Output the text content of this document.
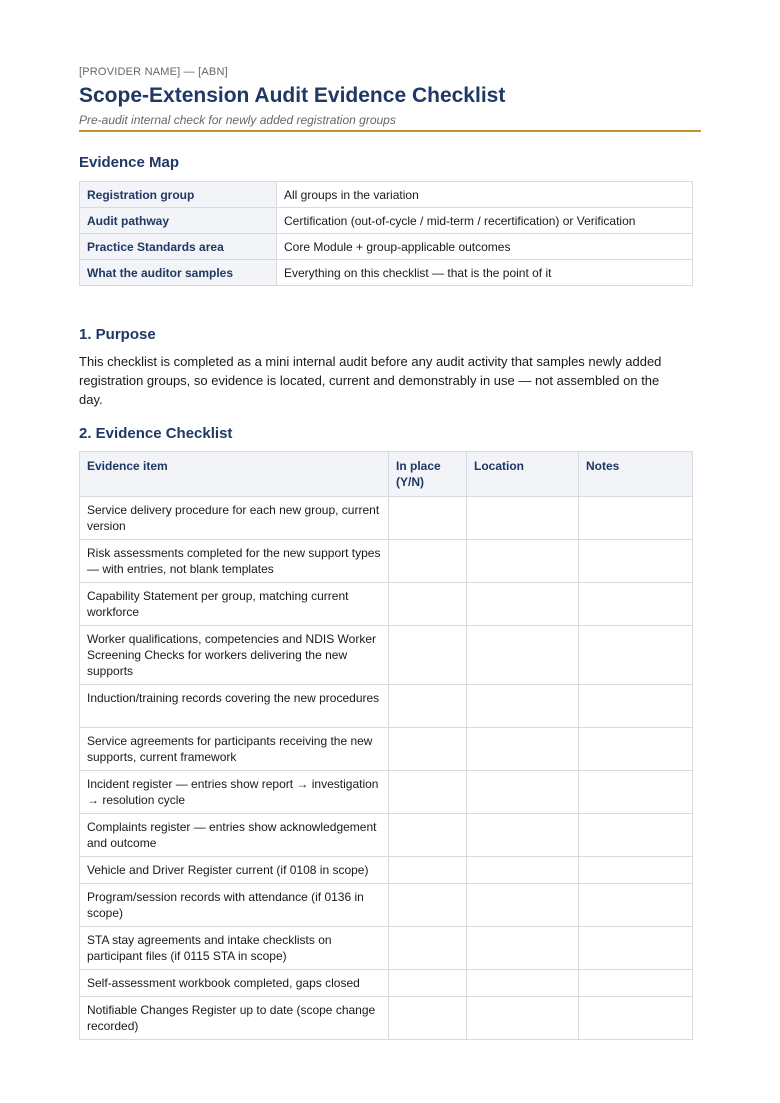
[PROVIDER NAME] — [ABN]
Scope-Extension Audit Evidence Checklist
Pre-audit internal check for newly added registration groups
Evidence Map
Registration group	All groups in the variation
Audit pathway	Certification (out-of-cycle / mid-term / recertification) or Verification
Practice Standards area	Core Module + group-applicable outcomes
What the auditor samples	Everything on this checklist — that is the point of it
1. Purpose
This checklist is completed as a mini internal audit before any audit activity that samples newly added registration groups, so evidence is located, current and demonstrably in use — not assembled on the day.
2. Evidence Checklist
Evidence item	In place (Y/N)	Location	Notes
Service delivery procedure for each new group, current version			
Risk assessments completed for the new support types — with entries, not blank templates			
Capability Statement per group, matching current workforce			
Worker qualifications, competencies and NDIS Worker Screening Checks for workers delivering the new supports			
Induction/training records covering the new procedures			
Service agreements for participants receiving the new supports, current framework			
Incident register — entries show report → investigation → resolution cycle			
Complaints register — entries show acknowledgement and outcome			
Vehicle and Driver Register current (if 0108 in scope)			
Program/session records with attendance (if 0136 in scope)			
STA stay agreements and intake checklists on participant files (if 0115 STA in scope)			
Self-assessment workbook completed, gaps closed			
Notifiable Changes Register up to date (scope change recorded)			
